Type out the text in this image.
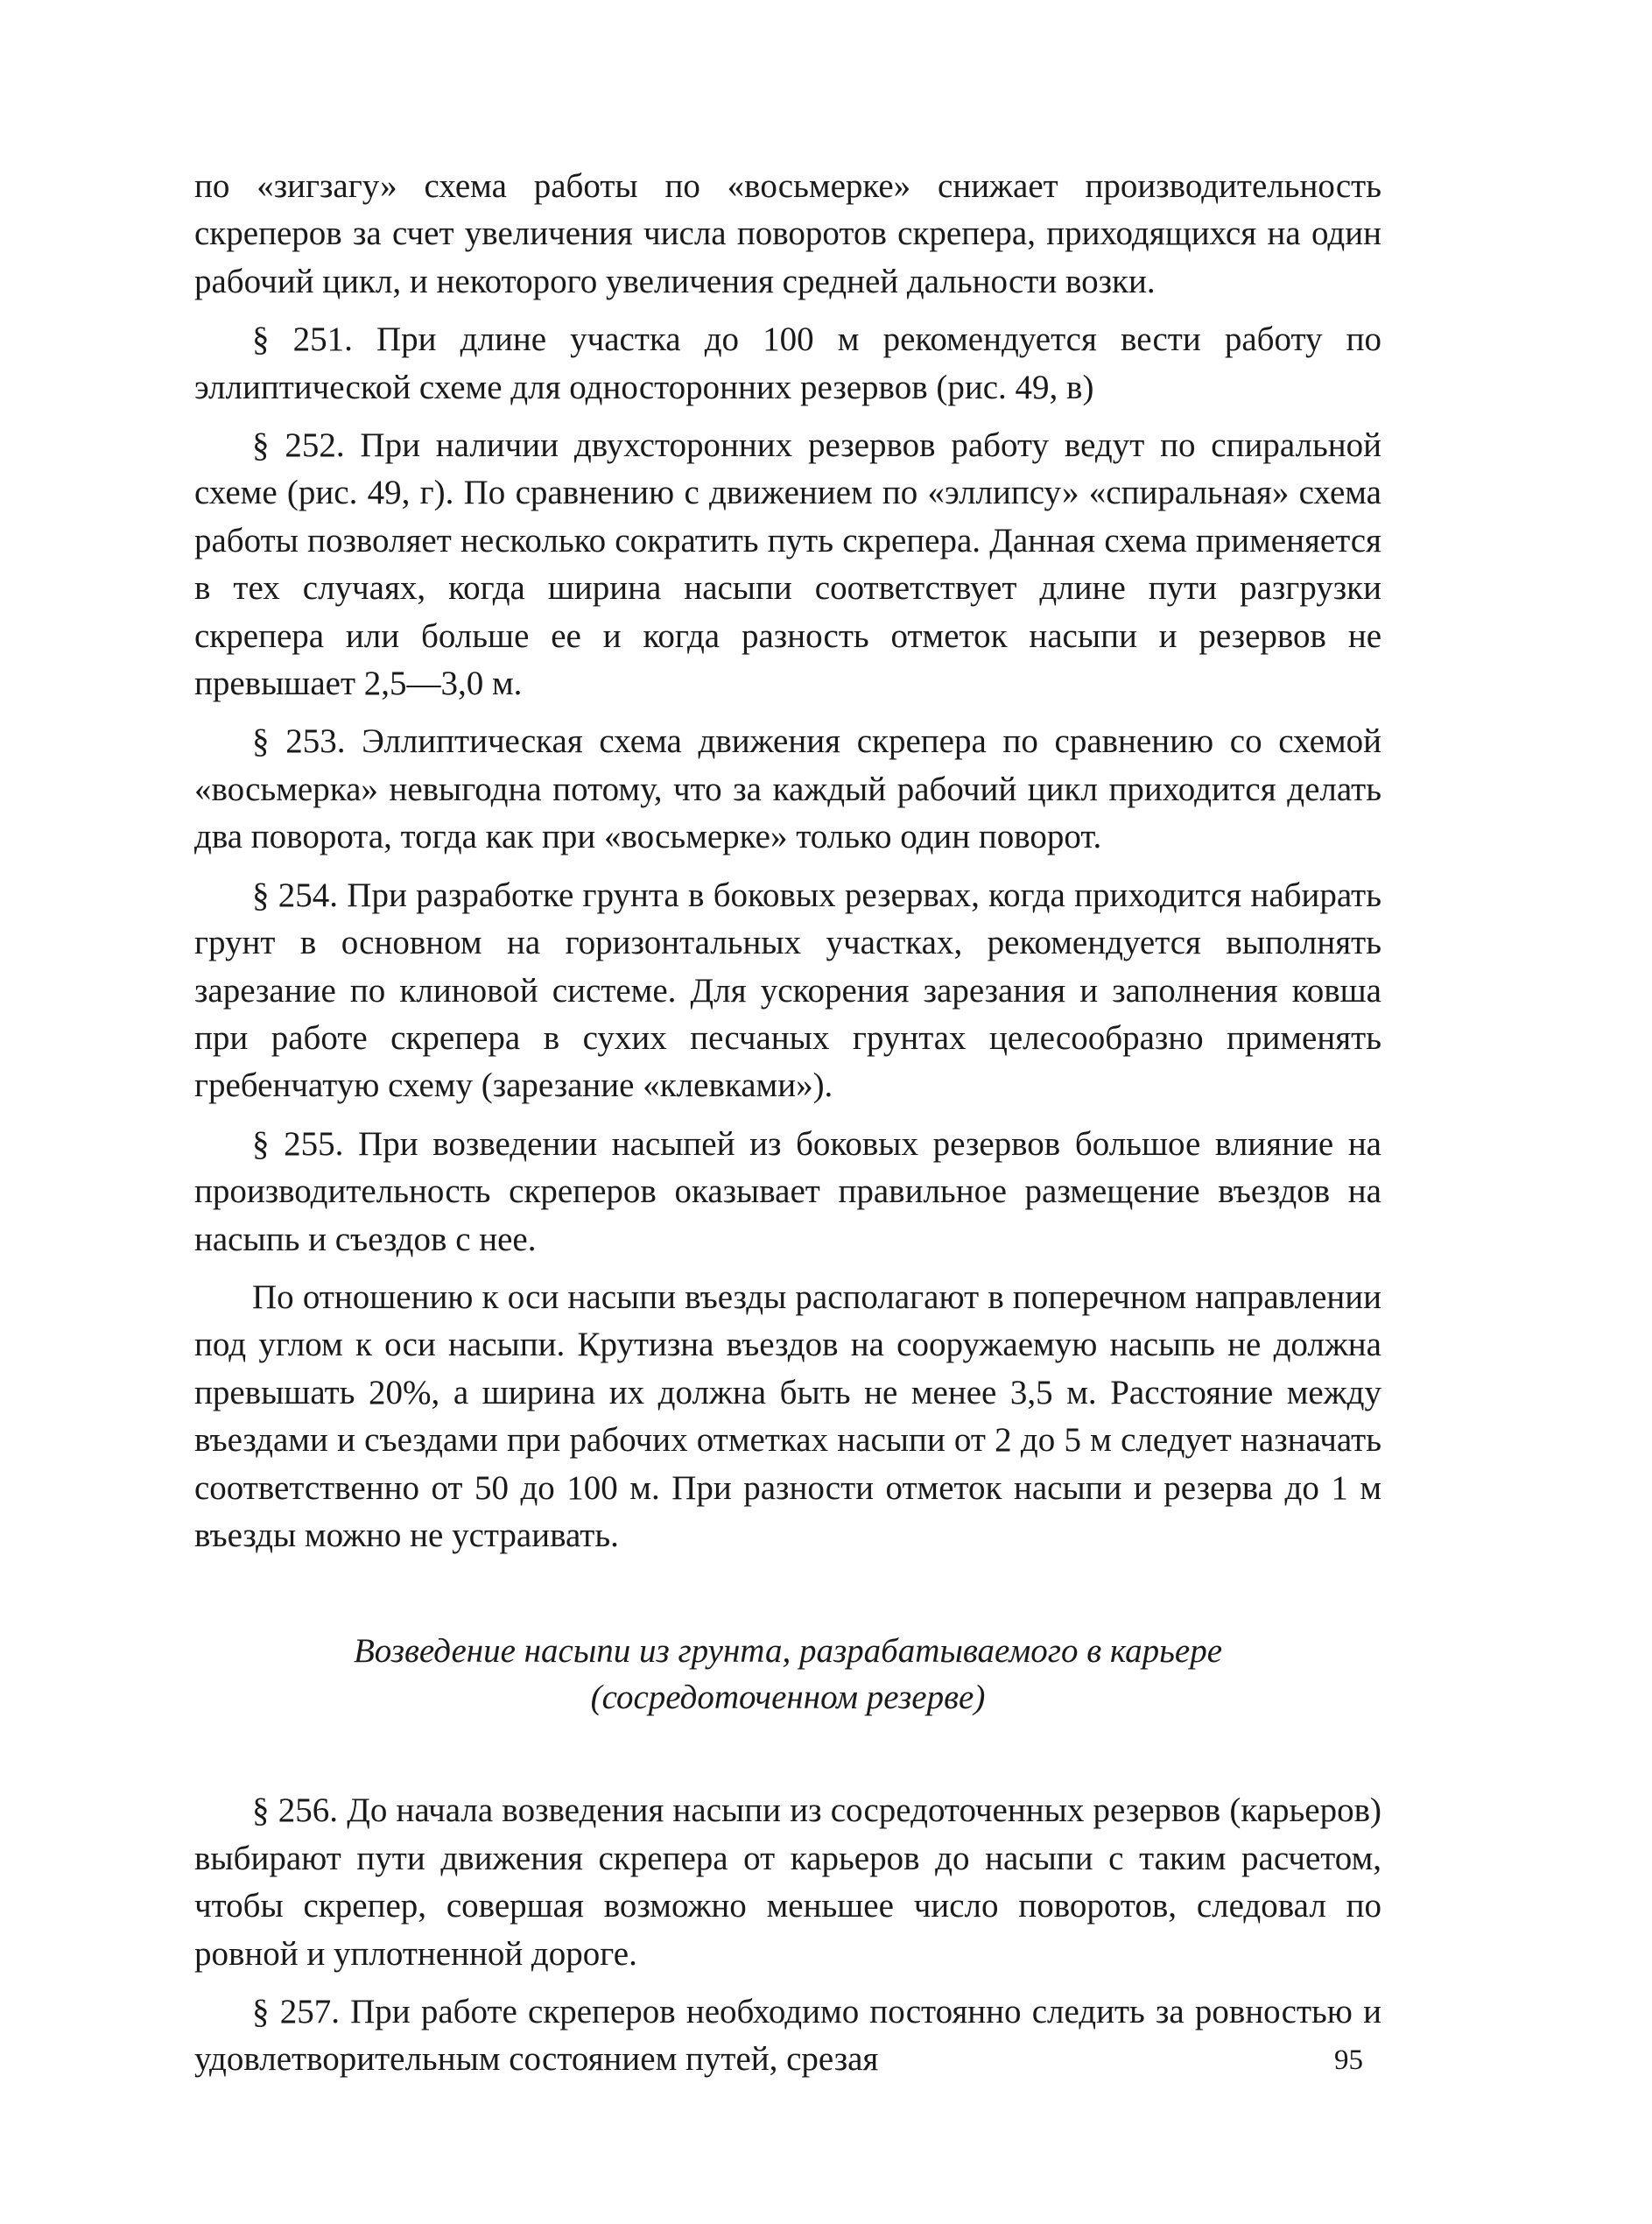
по «зигзагу» схема работы по «восьмерке» снижает производительность скреперов за счет увеличения числа поворотов скрепера, приходящихся на один рабочий цикл, и некоторого увеличения средней дальности возки.

§ 251. При длине участка до 100 м рекомендуется вести работу по эллиптической схеме для односторонних резервов (рис. 49, в)

§ 252. При наличии двухсторонних резервов работу ведут по спиральной схеме (рис. 49, г). По сравнению с движением по «эллипсу» «спиральная» схема работы позволяет несколько сократить путь скрепера. Данная схема применяется в тех случаях, когда ширина насыпи соответствует длине пути разгрузки скрепера или больше ее и когда разность отметок насыпи и резервов не превышает 2,5—3,0 м.

§ 253. Эллиптическая схема движения скрепера по сравнению со схемой «восьмерка» невыгодна потому, что за каждый рабочий цикл приходится делать два поворота, тогда как при «восьмерке» только один поворот.

§ 254. При разработке грунта в боковых резервах, когда приходится набирать грунт в основном на горизонтальных участках, рекомендуется выполнять зарезание по клиновой системе. Для ускорения зарезания и заполнения ковша при работе скрепера в сухих песчаных грунтах целесообразно применять гребенчатую схему (зарезание «клевками»).

§ 255. При возведении насыпей из боковых резервов большое влияние на производительность скреперов оказывает правильное размещение въездов на насыпь и съездов с нее.

По отношению к оси насыпи въезды располагают в поперечном направлении под углом к оси насыпи. Крутизна въездов на сооружаемую насыпь не должна превышать 20%, а ширина их должна быть не менее 3,5 м. Расстояние между въездами и съездами при рабочих отметках насыпи от 2 до 5 м следует назначать соответственно от 50 до 100 м. При разности отметок насыпи и резерва до 1 м въезды можно не устраивать.

Возведение насыпи из грунта, разрабатываемого в карьере
(сосредоточенном резерве)

§ 256. До начала возведения насыпи из сосредоточенных резервов (карьеров) выбирают пути движения скрепера от карьеров до насыпи с таким расчетом, чтобы скрепер, совершая возможно меньшее число поворотов, следовал по ровной и уплотненной дороге.

§ 257. При работе скреперов необходимо постоянно следить за ровностью и удовлетворительным состоянием путей, срезая	95
